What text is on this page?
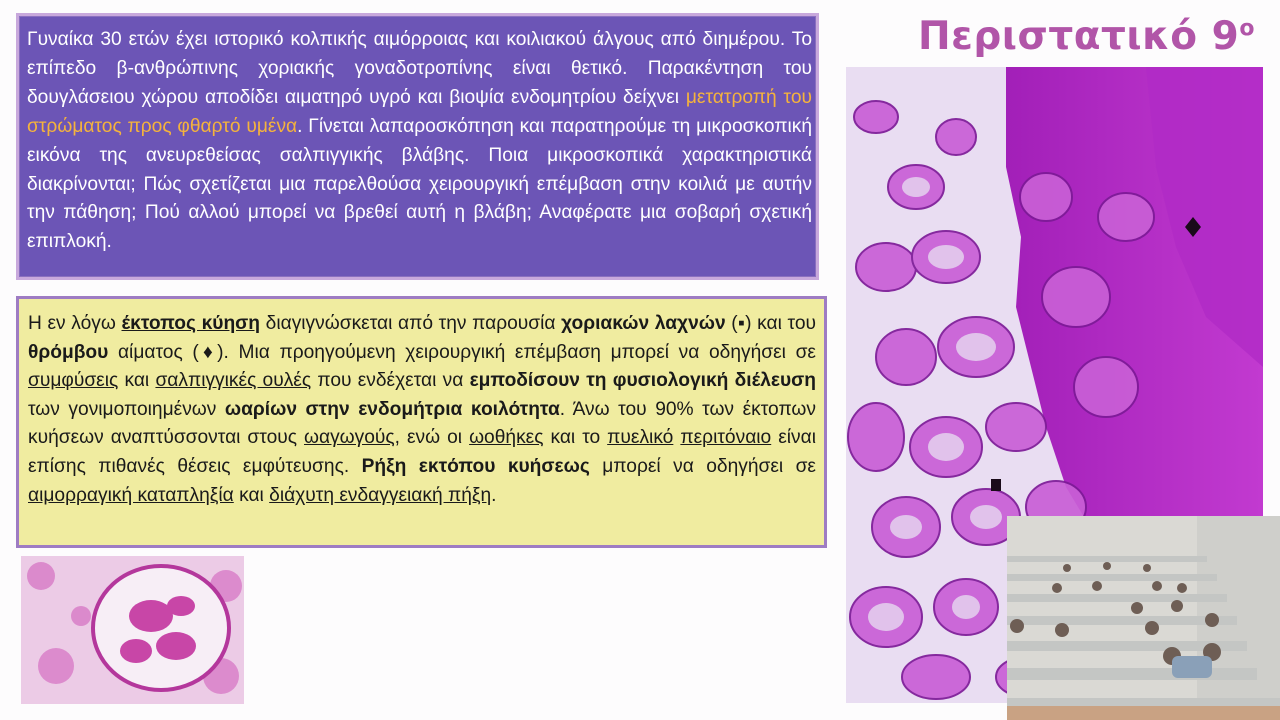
Περιστατικό $9^o$
Γυναίκα 30 ετών έχει ιστορικό κολπικής αιμόρροιας και κοιλιακού άλγους από διημέρου. Το επίπεδο β-ανθρώπινης χοριακής γοναδοτροπίνης είναι θετικό. Παρακέντηση του δουγλάσειου χώρου αποδίδει αιματηρό υγρό και βιοψία ενδομητρίου δείχνει μετατροπή του στρώματος προς φθαρτό υμένα. Γίνεται λαπαροσκόπηση και παρατηρούμε τη μικροσκοπική εικόνα της ανευρεθείσας σαλπιγγικής βλάβης. Ποια μικροσκοπικά χαρακτηριστικά διακρίνονται; Πώς σχετίζεται μια παρελθούσα χειρουργική επέμβαση στην κοιλιά με αυτήν την πάθηση; Πού αλλού μπορεί να βρεθεί αυτή η βλάβη; Αναφέρατε μια σοβαρή σχετική επιπλοκή.
Η εν λόγω έκτοπος κύηση διαγιγνώσκεται από την παρουσία χοριακών λαχνών (▪) και του θρόμβου αίματος (♦). Μια προηγούμενη χειρουργική επέμβαση μπορεί να οδηγήσει σε συμφύσεις και σαλπιγγικές ουλές που ενδέχεται να εμποδίσουν τη φυσιολογική διέλευση των γονιμοποιημένων ωαρίων στην ενδομήτρια κοιλότητα. Άνω του 90% των έκτοπων κυήσεων αναπτύσσονται στους ωαγωγούς, ενώ οι ωοθήκες και το πυελικό περιτόναιο είναι επίσης πιθανές θέσεις εμφύτευσης. Ρήξη εκτόπου κυήσεως μπορεί να οδηγήσει σε αιμορραγική καταπληξία και διάχυτη ενδαγγειακή πήξη.
